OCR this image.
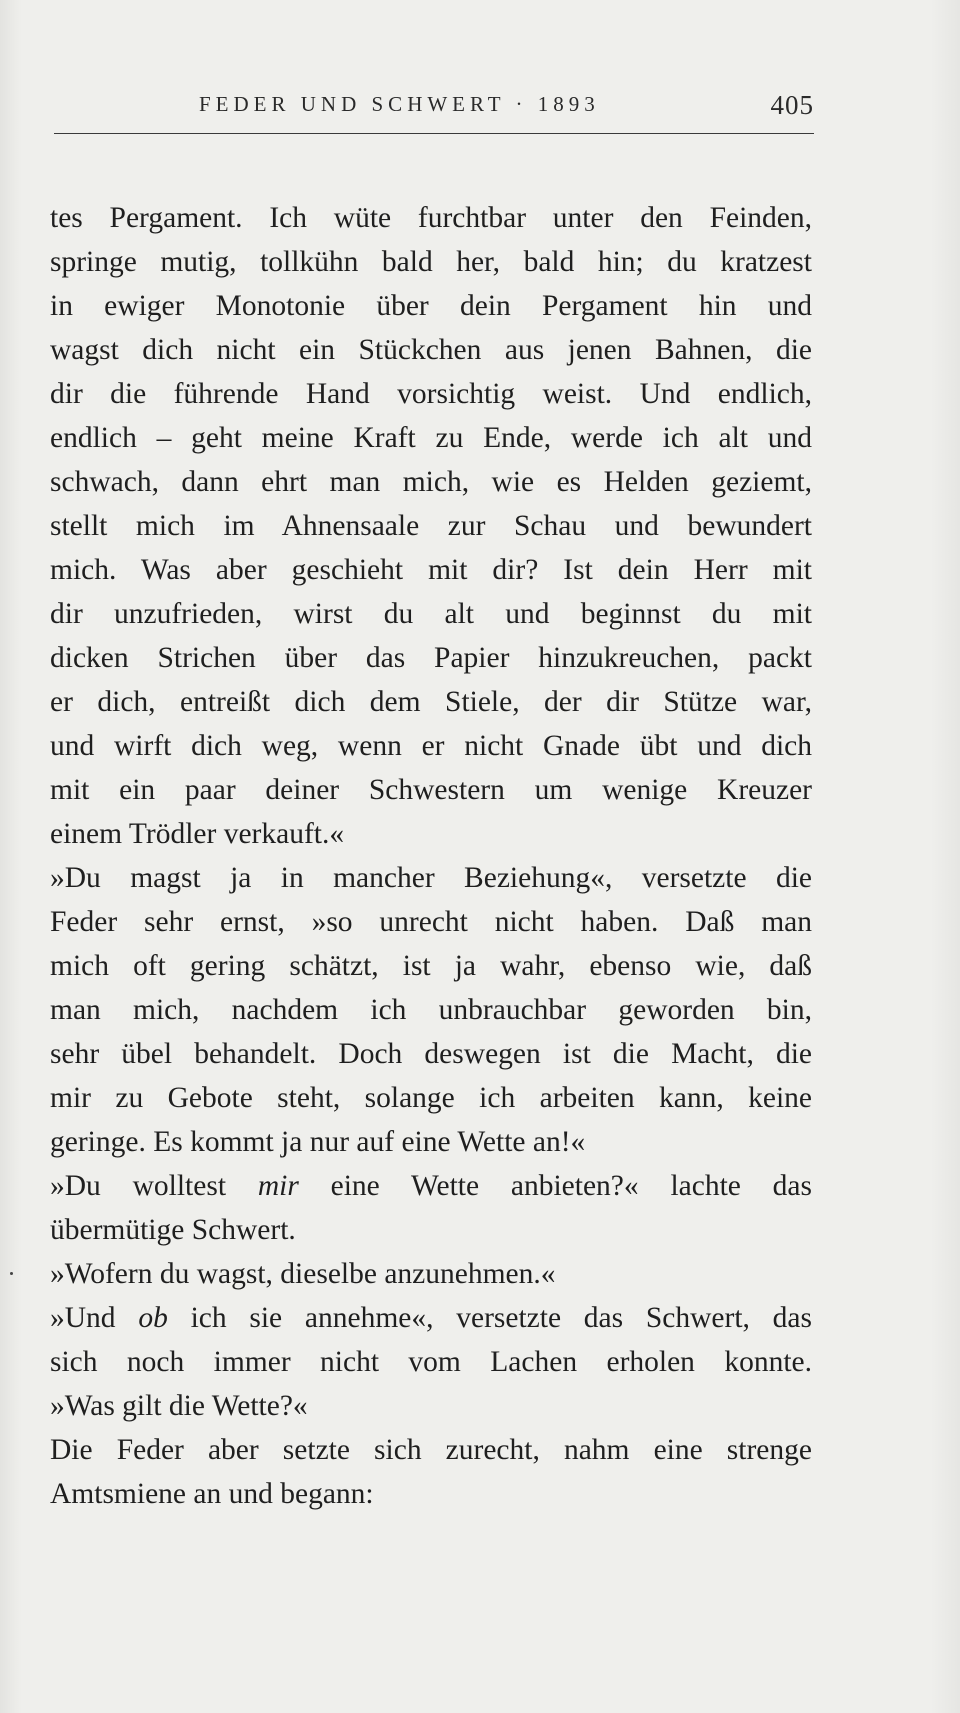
FEDER UND SCHWERT · 1893	405
tes Pergament. Ich wüte furchtbar unter den Feinden,
springe mutig, tollkühn bald her, bald hin; du kratzest
in ewiger Monotonie über dein Pergament hin und
wagst dich nicht ein Stückchen aus jenen Bahnen, die
dir die führende Hand vorsichtig weist. Und endlich,
endlich – geht meine Kraft zu Ende, werde ich alt und
schwach, dann ehrt man mich, wie es Helden geziemt,
stellt mich im Ahnensaale zur Schau und bewundert
mich. Was aber geschieht mit dir? Ist dein Herr mit
dir unzufrieden, wirst du alt und beginnst du mit
dicken Strichen über das Papier hinzukreuchen, packt
er dich, entreißt dich dem Stiele, der dir Stütze war,
und wirft dich weg, wenn er nicht Gnade übt und dich
mit ein paar deiner Schwestern um wenige Kreuzer
einem Trödler verkauft.«
»Du magst ja in mancher Beziehung«, versetzte die
Feder sehr ernst, »so unrecht nicht haben. Daß man
mich oft gering schätzt, ist ja wahr, ebenso wie, daß
man mich, nachdem ich unbrauchbar geworden bin,
sehr übel behandelt. Doch deswegen ist die Macht, die
mir zu Gebote steht, solange ich arbeiten kann, keine
geringe. Es kommt ja nur auf eine Wette an!«
»Du wolltest mir eine Wette anbieten?« lachte das
übermütige Schwert.
»Wofern du wagst, dieselbe anzunehmen.«
»Und ob ich sie annehme«, versetzte das Schwert, das
sich noch immer nicht vom Lachen erholen konnte.
»Was gilt die Wette?«
Die Feder aber setzte sich zurecht, nahm eine strenge
Amtsmiene an und begann:
